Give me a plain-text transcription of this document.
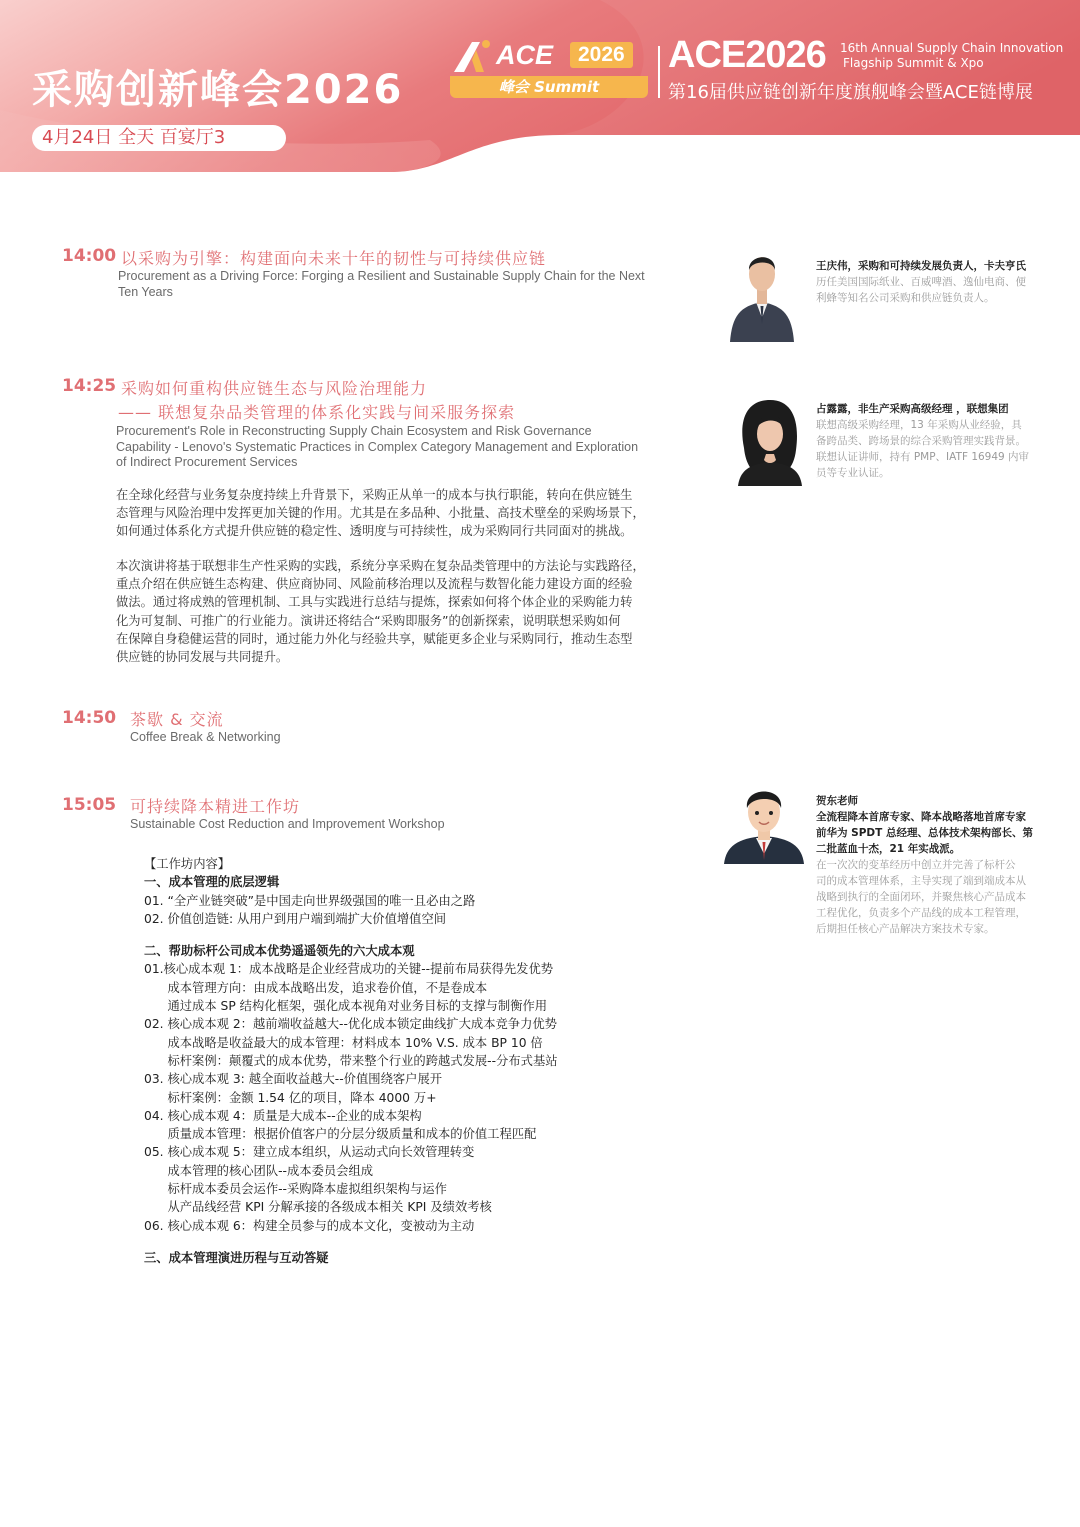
采购创新峰会2026
4月24日 全天 百宴厅3
ACE	2026
峰会 Summit
ACE2026 16th Annual Supply Chain Innovation
Flagship Summit & Xpo
第16届供应链创新年度旗舰峰会暨ACE链博展
14:00 以采购为引擎：构建面向未来十年的韧性与可持续供应链
Procurement as a Driving Force: Forging a Resilient and Sustainable Supply Chain for the Next
Ten Years
王庆伟，采购和可持续发展负责人，卡夫亨氏
历任美国国际纸业、百威啤酒、逸仙电商、便
利蜂等知名公司采购和供应链负责人。
14:25 采购如何重构供应链生态与风险治理能力
—— 联想复杂品类管理的体系化实践与间采服务探索
Procurement's Role in Reconstructing Supply Chain Ecosystem and Risk Governance
Capability - Lenovo's Systematic Practices in Complex Category Management and Exploration
of Indirect Procurement Services
在全球化经营与业务复杂度持续上升背景下，采购正从单一的成本与执行职能，转向在供应链生
态管理与风险治理中发挥更加关键的作用。尤其是在多品种、小批量、高技术壁垒的采购场景下，
如何通过体系化方式提升供应链的稳定性、透明度与可持续性，成为采购同行共同面对的挑战。
本次演讲将基于联想非生产性采购的实践，系统分享采购在复杂品类管理中的方法论与实践路径，
重点介绍在供应链生态构建、供应商协同、风险前移治理以及流程与数智化能力建设方面的经验
做法。通过将成熟的管理机制、工具与实践进行总结与提炼，探索如何将个体企业的采购能力转
化为可复制、可推广的行业能力。演讲还将结合“采购即服务”的创新探索，说明联想采购如何
在保障自身稳健运营的同时，通过能力外化与经验共享，赋能更多企业与采购同行，推动生态型
供应链的协同发展与共同提升。
占露露，非生产采购高级经理 ，联想集团
联想高级采购经理，13 年采购从业经验，具
备跨品类、跨场景的综合采购管理实践背景。
联想认证讲师，持有 PMP、IATF 16949 内审
员等专业认证。
14:50 茶歇 & 交流
Coffee Break & Networking
15:05 可持续降本精进工作坊
Sustainable Cost Reduction and Improvement Workshop
贺东老师
全流程降本首席专家、降本战略落地首席专家
前华为 SPDT 总经理、总体技术架构部长、第
二批蓝血十杰，21 年实战派。
在一次次的变革经历中创立并完善了标杆公
司的成本管理体系，主导实现了端到端成本从
战略到执行的全面闭环，并聚焦核心产品成本
工程优化，负责多个产品线的成本工程管理，
后期担任核心产品解决方案技术专家。
【工作坊内容】
一、成本管理的底层逻辑
01. “全产业链突破”是中国走向世界级强国的唯一且必由之路
02. 价值创造链: 从用户到用户端到端扩大价值增值空间
二、帮助标杆公司成本优势遥遥领先的六大成本观
01.核心成本观 1：成本战略是企业经营成功的关键--提前布局获得先发优势
成本管理方向：由成本战略出发，追求卷价值，不是卷成本
通过成本 SP 结构化框架，强化成本视角对业务目标的支撑与制衡作用
02. 核心成本观 2：越前端收益越大--优化成本锁定曲线扩大成本竞争力优势
成本战略是收益最大的成本管理：材料成本 10% V.S. 成本 BP 10 倍
标杆案例：颠覆式的成本优势，带来整个行业的跨越式发展--分布式基站
03. 核心成本观 3: 越全面收益越大--价值围绕客户展开
标杆案例：金额 1.54 亿的项目，降本 4000 万+
04. 核心成本观 4：质量是大成本--企业的成本架构
质量成本管理：根据价值客户的分层分级质量和成本的价值工程匹配
05. 核心成本观 5：建立成本组织，从运动式向长效管理转变
成本管理的核心团队--成本委员会组成
标杆成本委员会运作--采购降本虚拟组织架构与运作
从产品线经营 KPI 分解承接的各级成本相关 KPI 及绩效考核
06. 核心成本观 6：构建全员参与的成本文化，变被动为主动
三、成本管理演进历程与互动答疑
